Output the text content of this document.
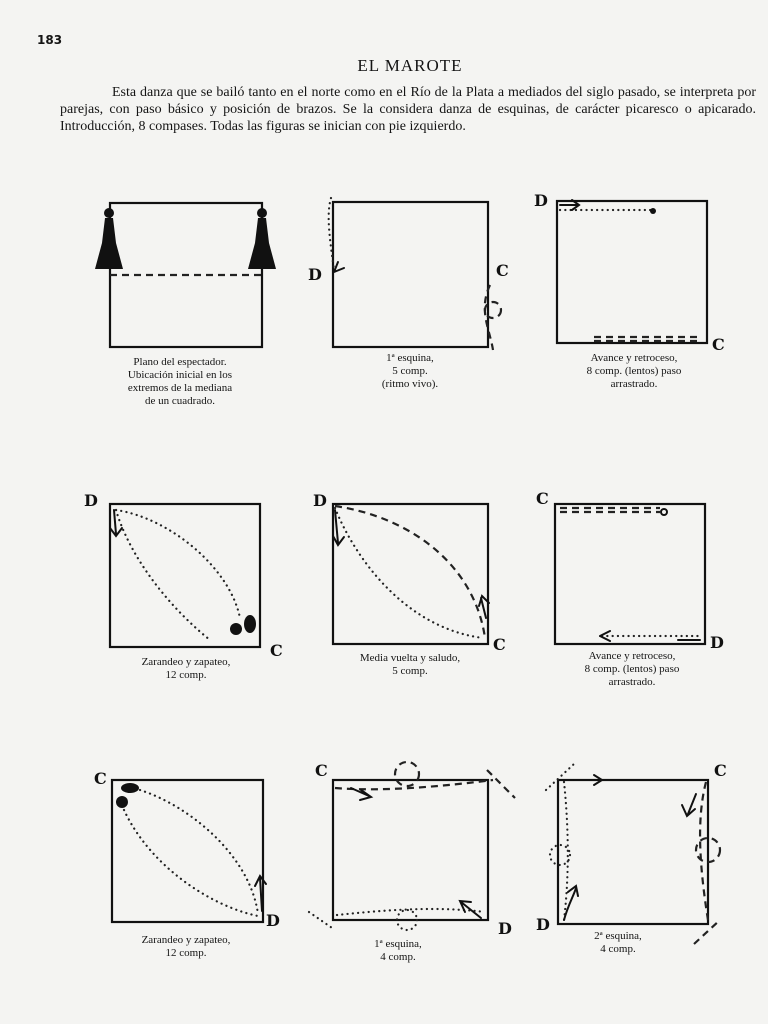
183
EL MAROTE

Esta danza que se bailó tanto en el norte como en el Río de la Plata a mediados del siglo pasado, se interpreta por parejas, con paso básico y posición de brazos. Se la considera danza de esquinas, de carácter picaresco o apicarado. Introducción, 8 compases. Todas las figuras se inician con pie izquierdo.

Plano del espectador.
Ubicación inicial en los
extremos de la mediana
de un cuadrado.
D	C
1ª esquina,
5 comp.
(ritmo vivo).
D
C
Avance y retroceso,
8 comp. (lentos) paso
arrastrado.
D
C
Zarandeo y zapateo,
12 comp.
D
C
Media vuelta y saludo,
5 comp.
C
D
Avance y retroceso,
8 comp. (lentos) paso
arrastrado.
C
D
Zarandeo y zapateo,
12 comp.
C
D
1ª esquina,
4 comp.
D
C
2ª esquina,
4 comp.
